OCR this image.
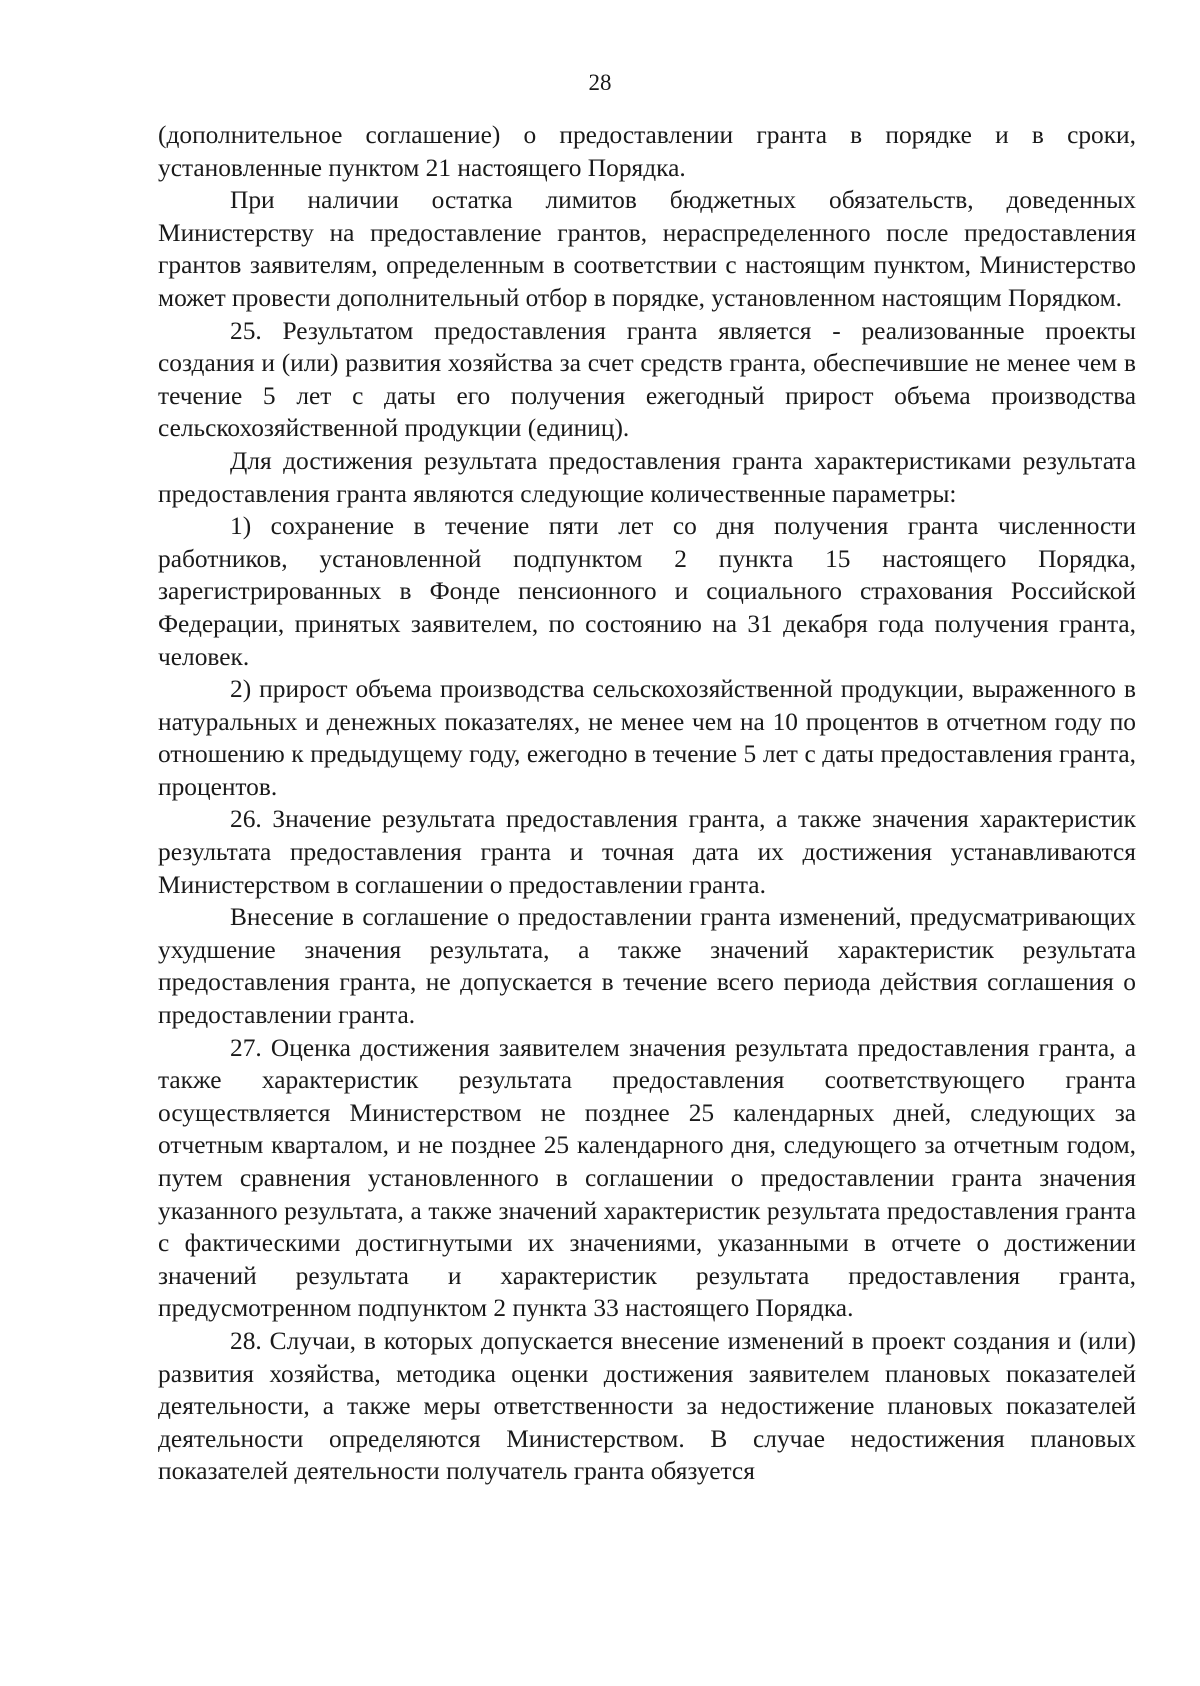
28

(дополнительное соглашение) о предоставлении гранта в порядке и в сроки, установленные пунктом 21 настоящего Порядка.

При наличии остатка лимитов бюджетных обязательств, доведенных Министерству на предоставление грантов, нераспределенного после предоставления грантов заявителям, определенным в соответствии с настоящим пунктом, Министерство может провести дополнительный отбор в порядке, установленном настоящим Порядком.

25. Результатом предоставления гранта является - реализованные проекты создания и (или) развития хозяйства за счет средств гранта, обеспечившие не менее чем в течение 5 лет с даты его получения ежегодный прирост объема производства сельскохозяйственной продукции (единиц).

Для достижения результата предоставления гранта характеристиками результата предоставления гранта являются следующие количественные параметры:

1) сохранение в течение пяти лет со дня получения гранта численности работников, установленной подпунктом 2 пункта 15 настоящего Порядка, зарегистрированных в Фонде пенсионного и социального страхования Российской Федерации, принятых заявителем, по состоянию на 31 декабря года получения гранта, человек.

2) прирост объема производства сельскохозяйственной продукции, выраженного в натуральных и денежных показателях, не менее чем на 10 процентов в отчетном году по отношению к предыдущему году, ежегодно в течение 5 лет с даты предоставления гранта, процентов.

26. Значение результата предоставления гранта, а также значения характеристик результата предоставления гранта и точная дата их достижения устанавливаются Министерством в соглашении о предоставлении гранта.

Внесение в соглашение о предоставлении гранта изменений, предусматривающих ухудшение значения результата, а также значений характеристик результата предоставления гранта, не допускается в течение всего периода действия соглашения о предоставлении гранта.

27. Оценка достижения заявителем значения результата предоставления гранта, а также характеристик результата предоставления соответствующего гранта осуществляется Министерством не позднее 25 календарных дней, следующих за отчетным кварталом, и не позднее 25 календарного дня, следующего за отчетным годом, путем сравнения установленного в соглашении о предоставлении гранта значения указанного результата, а также значений характеристик результата предоставления гранта с фактическими достигнутыми их значениями, указанными в отчете о достижении значений результата и характеристик результата предоставления гранта, предусмотренном подпунктом 2 пункта 33 настоящего Порядка.

28. Случаи, в которых допускается внесение изменений в проект создания и (или) развития хозяйства, методика оценки достижения заявителем плановых показателей деятельности, а также меры ответственности за недостижение плановых показателей деятельности определяются Министерством. В случае недостижения плановых показателей деятельности получатель гранта обязуется
